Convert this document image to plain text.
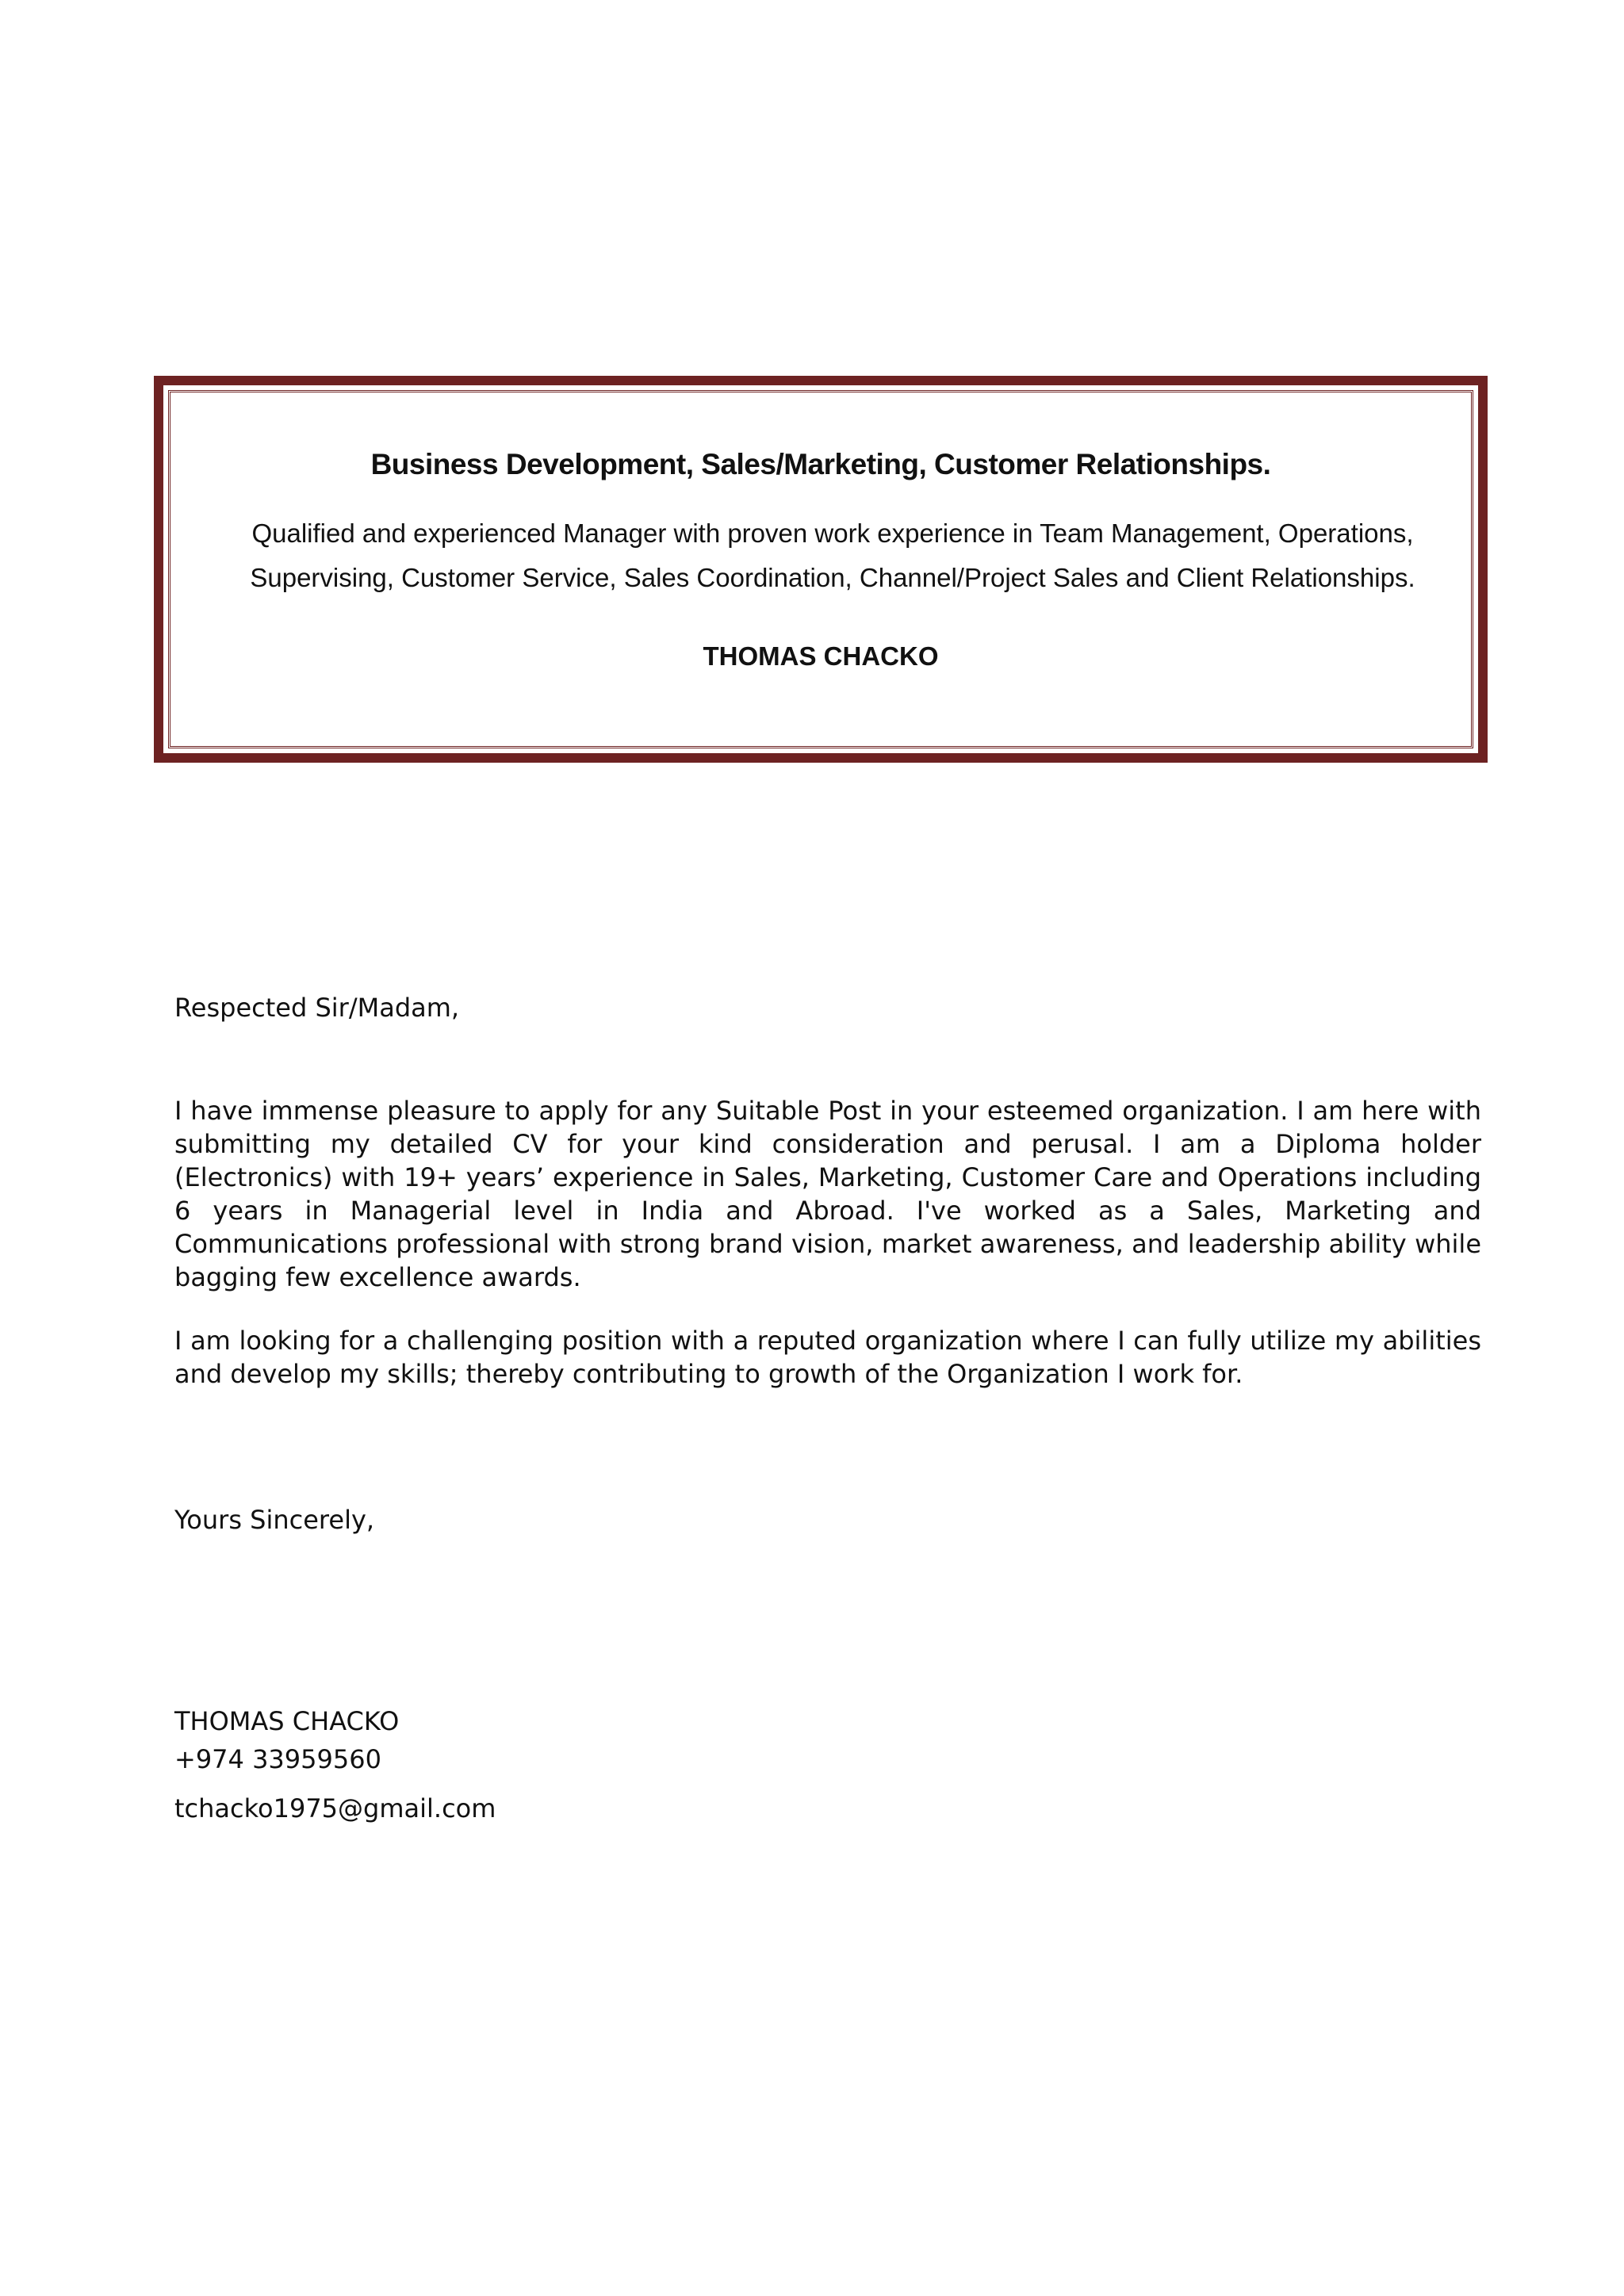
Business Development, Sales/Marketing, Customer Relationships.
Qualified and experienced Manager with proven work experience in Team Management, Operations,
Supervising, Customer Service, Sales Coordination, Channel/Project Sales and Client Relationships.
THOMAS CHACKO
Respected Sir/Madam,
I have immense pleasure to apply for any Suitable Post in your esteemed organization. I am here with submitting my detailed CV for your kind consideration and perusal. I am a Diploma holder (Electronics) with 19+ years’ experience in Sales, Marketing, Customer Care and Operations including 6 years in Managerial level in India and Abroad. I've worked as a Sales, Marketing and Communications professional with strong brand vision, market awareness, and leadership ability while bagging few excellence awards.
I am looking for a challenging position with a reputed organization where I can fully utilize my abilities and develop my skills; thereby contributing to growth of the Organization I work for.
Yours Sincerely,
THOMAS CHACKO
+974 33959560
tchacko1975@gmail.com
